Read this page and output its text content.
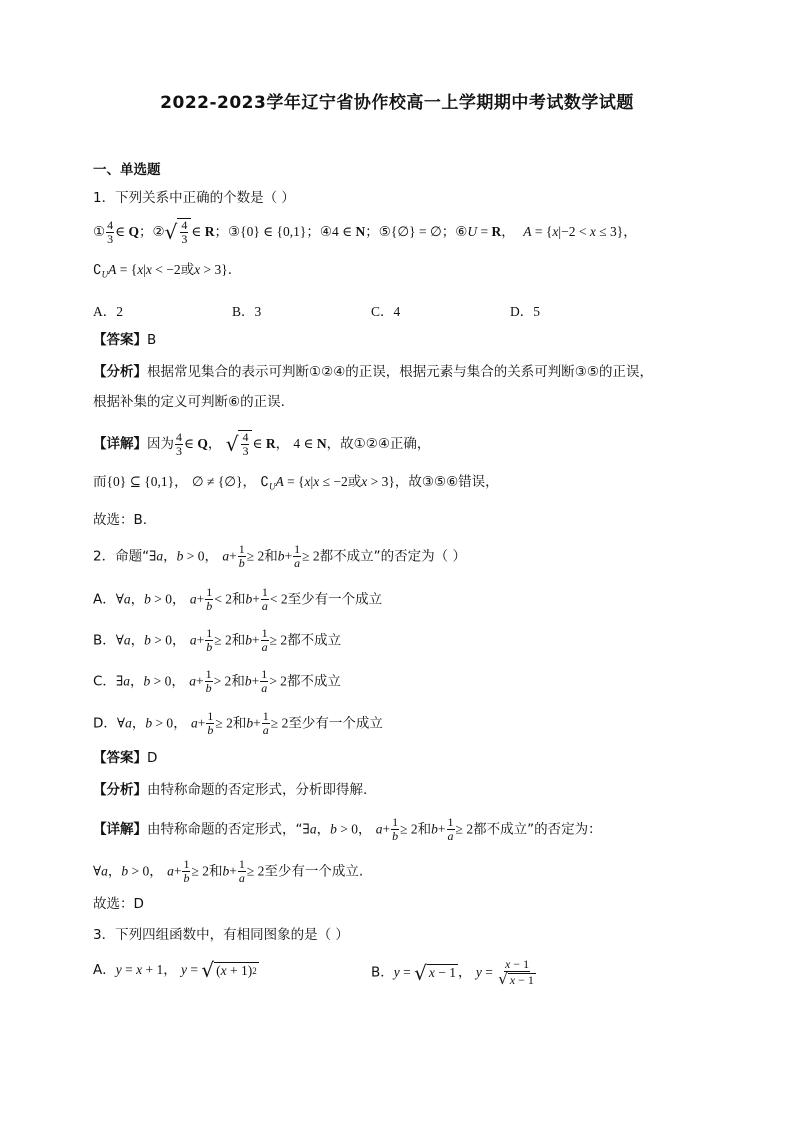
2022-2023学年辽宁省协作校高一上学期期中考试数学试题
一、单选题
1．下列关系中正确的个数是（ ）
① $\frac{4}{3}$ ∈ Q；② √ $\frac{4}{3}$ ∈ R；③{0} ∈ {0,1}；④4 ∈ N；⑤{∅} = ∅；⑥U = R，  A = {x|−2 < x ≤ 3}，
$∁_UA = \{x|x < -2$或x > 3}.
A．2	B．3	C．4	D．5
【答案】B
【分析】根据常见集合的表示可判断①②④的正误，根据元素与集合的关系可判断③⑤的正误，
根据补集的定义可判断⑥的正误.
【详解】因为 $\frac{4}{3}$ ∈ Q， √ $\frac{4}{3}$ ∈ R， 4 ∈ N，故①②④正确，
而{0} ⊆ {0,1}， ∅ ≠ {∅}， $∁_UA = \{x|x \le -2$或x > 3}，故③⑤⑥错误，
故选：B.
2．命题“∃a，b > 0， $a+ \frac{1}{b} \ge 2$和$b+ \frac{1}{a} \ge 2$都不成立”的否定为（ ）
A．∀a，b > 0， $a+ \frac{1}{b} < 2$和$b+ \frac{1}{a} < 2$至少有一个成立
B．∀a，b > 0， $a+ \frac{1}{b} \ge 2$和$b+ \frac{1}{a} \ge 2$都不成立
C．∃a，b > 0， $a+ \frac{1}{b} > 2$和$b+ \frac{1}{a} > 2$都不成立
D．∀a，b > 0， $a+ \frac{1}{b} \ge 2$和$b+ \frac{1}{a} \ge 2$至少有一个成立
【答案】D
【分析】由特称命题的否定形式，分析即得解.
【详解】由特称命题的否定形式，“∃a，b > 0， $a+ \frac{1}{b} \ge 2$和$b+ \frac{1}{a} \ge 2$都不成立”的否定为：
∀a，b > 0， $a+ \frac{1}{b} \ge 2$和$b+ \frac{1}{a} \ge 2$至少有一个成立.
故选：D
3．下列四组函数中，有相同图象的是（ ）
A．y = x + 1， y = √ ( x + 1) 2	B．y = √ x − 1 ， $y = \frac{x - 1}{√ x - 1}$
